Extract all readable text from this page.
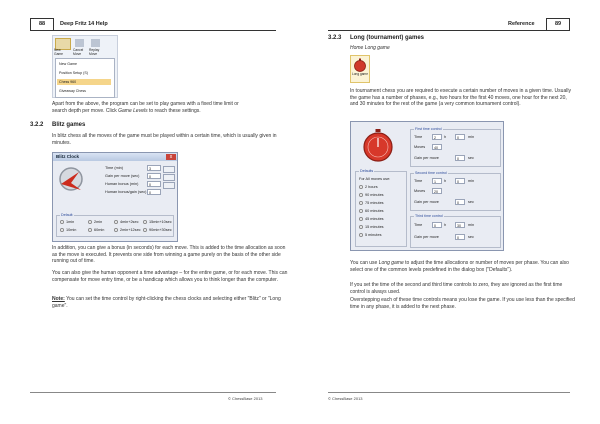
88	Deep Fritz 14 Help
New Game
Cancel Move
Replay Move
New Game
Position Setup (S)
Chess 960
Giveaway Chess
Apart from the above, the program can be set to play games with a fixed time limit or
search depth per move. Click Game Levels to reach these settings.
3.2.2 Blitz games
In blitz chess all the moves of the game must be played within a certain time, which is usually given in minutes.
Blitz Clock	x
Time (min)	3
Gain per move (sec)	0
Human bonus (min)	0
Human bonus/gain (sec) 0
Default:
1min	2min	4min+2sec	15min+10sec
10min	60min	2min+12sec 90min+30sec
In addition, you can give a bonus (in seconds) for each move. This is added to the time allocation as soon as the move is executed. It prevents one side from winning a game purely on the basis of the other side running out of time.
You can also give the human opponent a time advantage – for the entire game, or for each move. This can compensate for move entry time, or be a handicap which allows you to think longer than the computer.
Note: You can set the time control by right-clicking the chess clocks and selecting either "Blitz" or "Long game".
© ChessBase 2013
Reference	89
3.2.3 Long (tournament) games
Home Long game
Long game
In tournament chess you are required to execute a certain number of moves in a given time. Usually the game has a number of phases, e.g., two hours for the first 40 moves, one hour for the next 20, and 30 minutes for the rest of the game (a very common tournament control).
First time control
Time	2	h	0	min
Moves	40
Gain per move	0	sec
Defaults
For All moves use:
2 hours
90 minutes
75 minutes
60 minutes
45 minutes
15 minutes
5 minutes
Second time control
Time	1	h	0	min
Moves	20
Gain per move	0	sec
Third time control
Time	0	h	30	min
Gain per move	0	sec
You can use Long game to adjust the time allocations or number of moves per phase. You can also select one of the common levels predefined in the dialog box ("Defaults").
If you set the time of the second and third time controls to zero, they are ignored as the first time control is always used.
Overstepping each of these time controls means you lose the game. If you use less than the specified time in any phase, it is added to the next phase.
© ChessBase 2013
